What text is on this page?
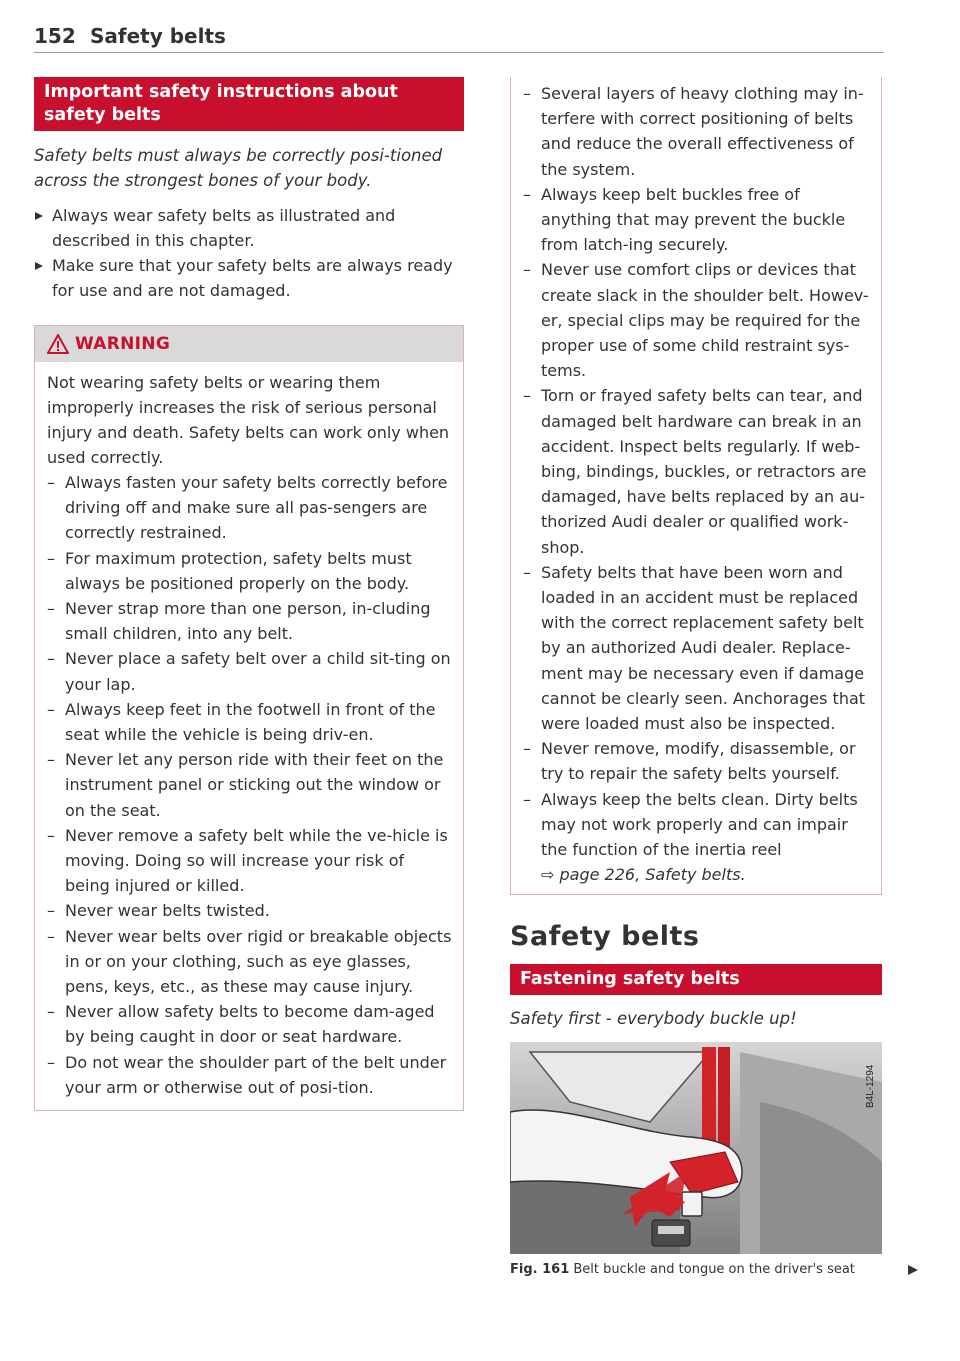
152 Safety belts
Important safety instructions about safety belts
Safety belts must always be correctly posi-tioned across the strongest bones of your body.
Always wear safety belts as illustrated and described in this chapter.
Make sure that your safety belts are always ready for use and are not damaged.
WARNING
Not wearing safety belts or wearing them improperly increases the risk of serious personal injury and death. Safety belts can work only when used correctly.
– Always fasten your safety belts correctly before driving off and make sure all pas-sengers are correctly restrained.
– For maximum protection, safety belts must always be positioned properly on the body.
– Never strap more than one person, in-cluding small children, into any belt.
– Never place a safety belt over a child sit-ting on your lap.
– Always keep feet in the footwell in front of the seat while the vehicle is being driv-en.
– Never let any person ride with their feet on the instrument panel or sticking out the window or on the seat.
– Never remove a safety belt while the ve-hicle is moving. Doing so will increase your risk of being injured or killed.
– Never wear belts twisted.
– Never wear belts over rigid or breakable objects in or on your clothing, such as eye glasses, pens, keys, etc., as these may cause injury.
– Never allow safety belts to become dam-aged by being caught in door or seat hardware.
– Do not wear the shoulder part of the belt under your arm or otherwise out of posi-tion.
– Several layers of heavy clothing may in-terfere with correct positioning of belts and reduce the overall effectiveness of the system.
– Always keep belt buckles free of anything that may prevent the buckle from latch-ing securely.
– Never use comfort clips or devices that create slack in the shoulder belt. Howev-er, special clips may be required for the proper use of some child restraint sys-tems.
– Torn or frayed safety belts can tear, and damaged belt hardware can break in an accident. Inspect belts regularly. If web-bing, bindings, buckles, or retractors are damaged, have belts replaced by an au-thorized Audi dealer or qualified work-shop.
– Safety belts that have been worn and loaded in an accident must be replaced with the correct replacement safety belt by an authorized Audi dealer. Replace-ment may be necessary even if damage cannot be clearly seen. Anchorages that were loaded must also be inspected.
– Never remove, modify, disassemble, or try to repair the safety belts yourself.
– Always keep the belts clean. Dirty belts may not work properly and can impair the function of the inertia reel
⇨ page 226, Safety belts.
Safety belts
Fastening safety belts
Safety first - everybody buckle up!
B4L-1294
Fig. 161 Belt buckle and tongue on the driver's seat
